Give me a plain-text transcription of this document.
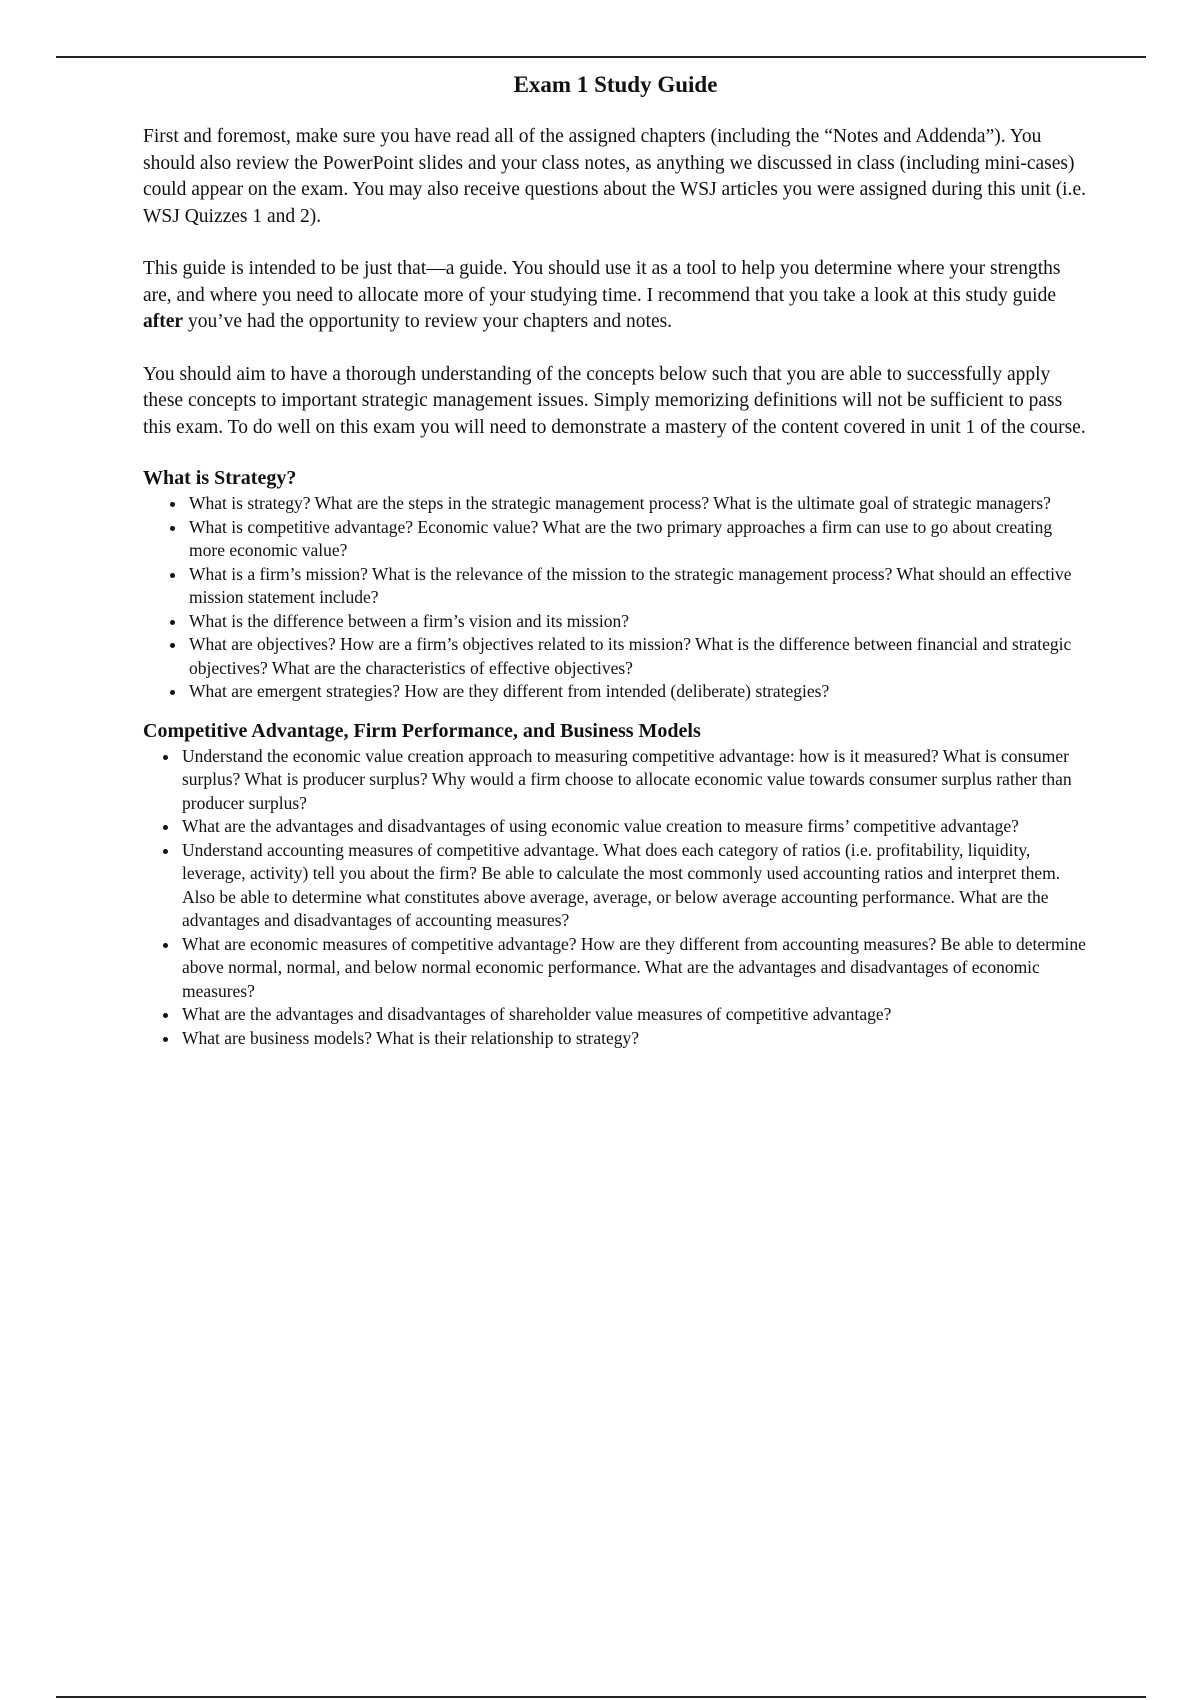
Exam 1 Study Guide

First and foremost, make sure you have read all of the assigned chapters (including the “Notes and Addenda”). You should also review the PowerPoint slides and your class notes, as anything we discussed in class (including mini-cases) could appear on the exam. You may also receive questions about the WSJ articles you were assigned during this unit (i.e. WSJ Quizzes 1 and 2).

This guide is intended to be just that—a guide. You should use it as a tool to help you determine where your strengths are, and where you need to allocate more of your studying time. I recommend that you take a look at this study guide after you’ve had the opportunity to review your chapters and notes.

You should aim to have a thorough understanding of the concepts below such that you are able to successfully apply these concepts to important strategic management issues. Simply memorizing definitions will not be sufficient to pass this exam. To do well on this exam you will need to demonstrate a mastery of the content covered in unit 1 of the course.

What is Strategy?
• What is strategy? What are the steps in the strategic management process? What is the ultimate goal of strategic managers?
• What is competitive advantage? Economic value? What are the two primary approaches a firm can use to go about creating more economic value?
• What is a firm’s mission? What is the relevance of the mission to the strategic management process? What should an effective mission statement include?
• What is the difference between a firm’s vision and its mission?
• What are objectives? How are a firm’s objectives related to its mission? What is the difference between financial and strategic objectives? What are the characteristics of effective objectives?
• What are emergent strategies? How are they different from intended (deliberate) strategies?
Competitive Advantage, Firm Performance, and Business Models
• Understand the economic value creation approach to measuring competitive advantage: how is it measured? What is consumer surplus? What is producer surplus? Why would a firm choose to allocate economic value towards consumer surplus rather than producer surplus?
• What are the advantages and disadvantages of using economic value creation to measure firms’ competitive advantage?
• Understand accounting measures of competitive advantage. What does each category of ratios (i.e. profitability, liquidity, leverage, activity) tell you about the firm? Be able to calculate the most commonly used accounting ratios and interpret them. Also be able to determine what constitutes above average, average, or below average accounting performance. What are the advantages and disadvantages of accounting measures?
• What are economic measures of competitive advantage? How are they different from accounting measures? Be able to determine above normal, normal, and below normal economic performance. What are the advantages and disadvantages of economic measures?
• What are the advantages and disadvantages of shareholder value measures of competitive advantage?
• What are business models? What is their relationship to strategy?
